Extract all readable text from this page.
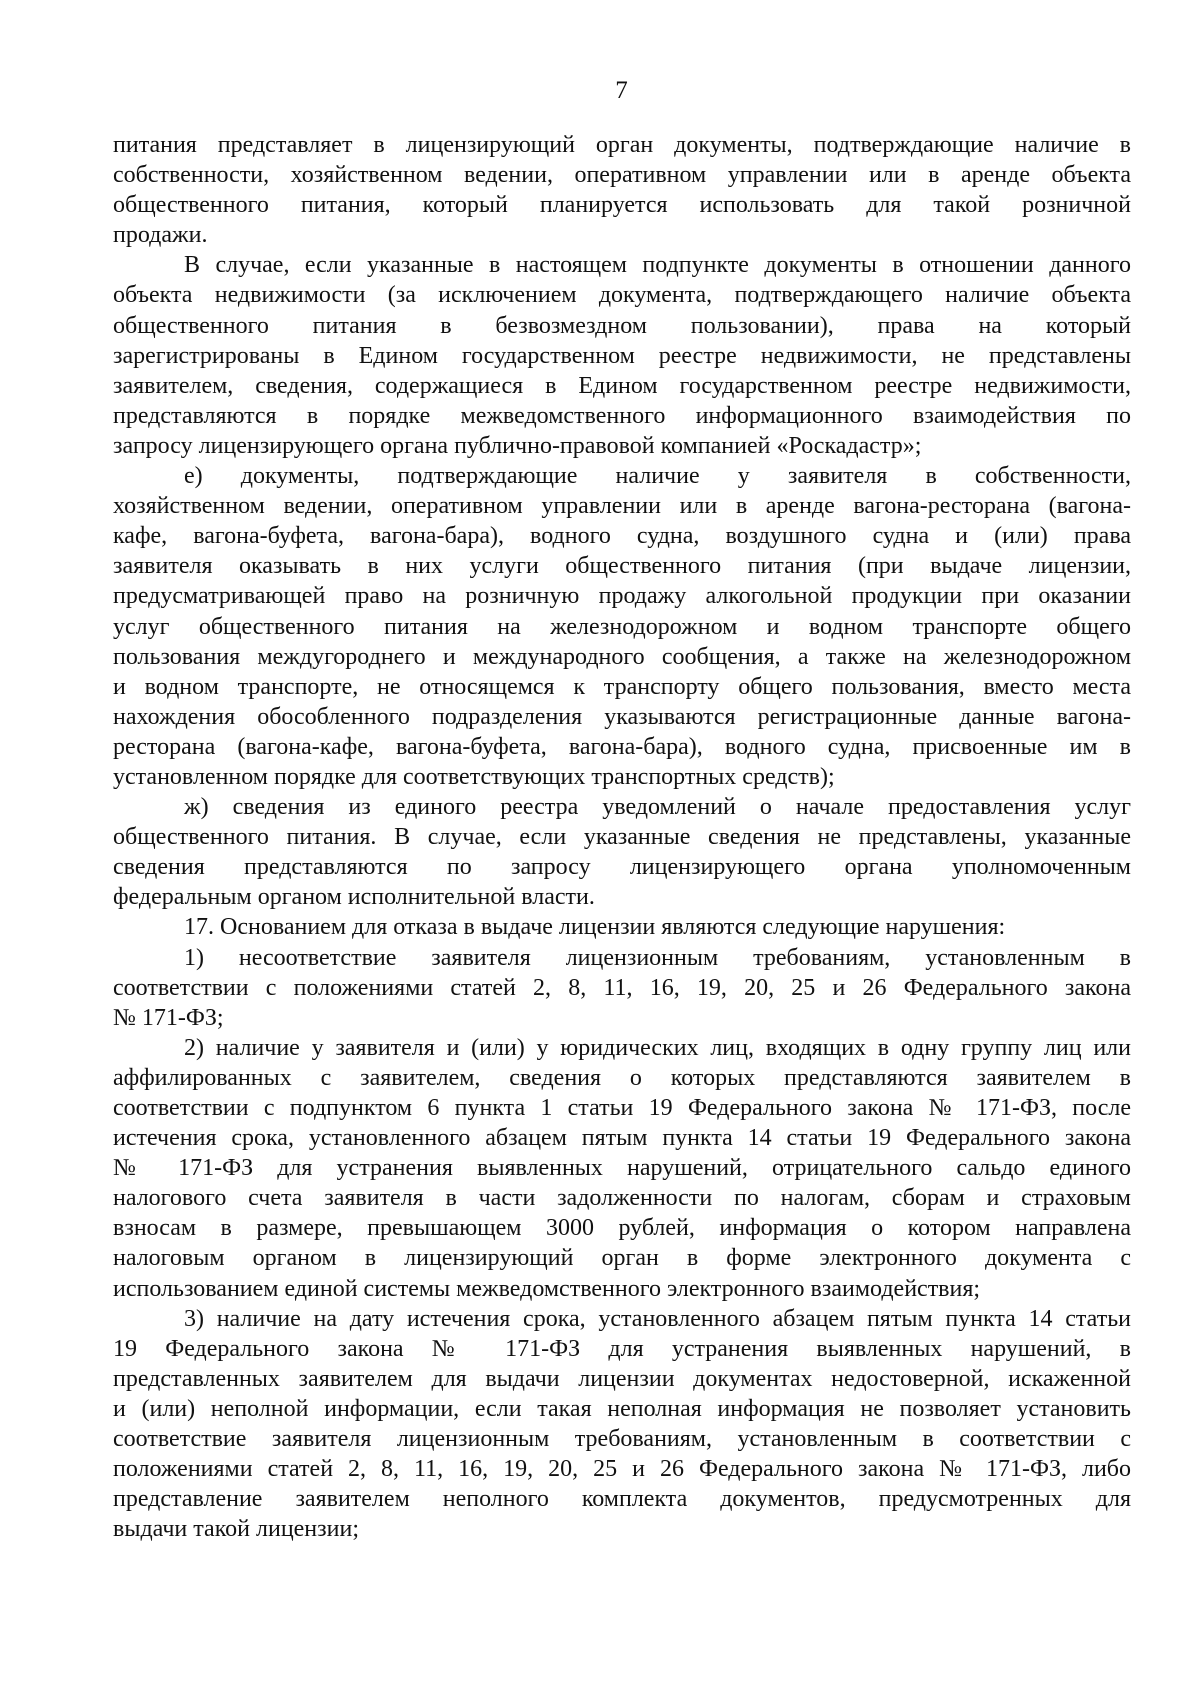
7
питания представляет в лицензирующий орган документы, подтверждающие наличие в
собственности, хозяйственном ведении, оперативном управлении или в аренде объекта
общественного питания, который планируется использовать для такой розничной
продажи.
В случае, если указанные в настоящем подпункте документы в отношении данного
объекта недвижимости (за исключением документа, подтверждающего наличие объекта
общественного питания в безвозмездном пользовании), права на который
зарегистрированы в Едином государственном реестре недвижимости, не представлены
заявителем, сведения, содержащиеся в Едином государственном реестре недвижимости,
представляются в порядке межведомственного информационного взаимодействия по
запросу лицензирующего органа публично-правовой компанией «Роскадастр»;
е) документы, подтверждающие наличие у заявителя в собственности,
хозяйственном ведении, оперативном управлении или в аренде вагона-ресторана (вагона-
кафе, вагона-буфета, вагона-бара), водного судна, воздушного судна и (или) права
заявителя оказывать в них услуги общественного питания (при выдаче лицензии,
предусматривающей право на розничную продажу алкогольной продукции при оказании
услуг общественного питания на железнодорожном и водном транспорте общего
пользования междугороднего и международного сообщения, а также на железнодорожном
и водном транспорте, не относящемся к транспорту общего пользования, вместо места
нахождения обособленного подразделения указываются регистрационные данные вагона-
ресторана (вагона-кафе, вагона-буфета, вагона-бара), водного судна, присвоенные им в
установленном порядке для соответствующих транспортных средств);
ж) сведения из единого реестра уведомлений о начале предоставления услуг
общественного питания. В случае, если указанные сведения не представлены, указанные
сведения представляются по запросу лицензирующего органа уполномоченным
федеральным органом исполнительной власти.
17. Основанием для отказа в выдаче лицензии являются следующие нарушения:
1) несоответствие заявителя лицензионным требованиям, установленным в
соответствии с положениями статей 2, 8, 11, 16, 19, 20, 25 и 26 Федерального закона
№ 171-ФЗ;
2) наличие у заявителя и (или) у юридических лиц, входящих в одну группу лиц или
аффилированных с заявителем, сведения о которых представляются заявителем в
соответствии с подпунктом 6 пункта 1 статьи 19 Федерального закона № 171-ФЗ, после
истечения срока, установленного абзацем пятым пункта 14 статьи 19 Федерального закона
№ 171-ФЗ для устранения выявленных нарушений, отрицательного сальдо единого
налогового счета заявителя в части задолженности по налогам, сборам и страховым
взносам в размере, превышающем 3000 рублей, информация о котором направлена
налоговым органом в лицензирующий орган в форме электронного документа с
использованием единой системы межведомственного электронного взаимодействия;
3) наличие на дату истечения срока, установленного абзацем пятым пункта 14 статьи
19 Федерального закона № 171-ФЗ для устранения выявленных нарушений, в
представленных заявителем для выдачи лицензии документах недостоверной, искаженной
и (или) неполной информации, если такая неполная информация не позволяет установить
соответствие заявителя лицензионным требованиям, установленным в соответствии с
положениями статей 2, 8, 11, 16, 19, 20, 25 и 26 Федерального закона № 171-ФЗ, либо
представление заявителем неполного комплекта документов, предусмотренных для
выдачи такой лицензии;
